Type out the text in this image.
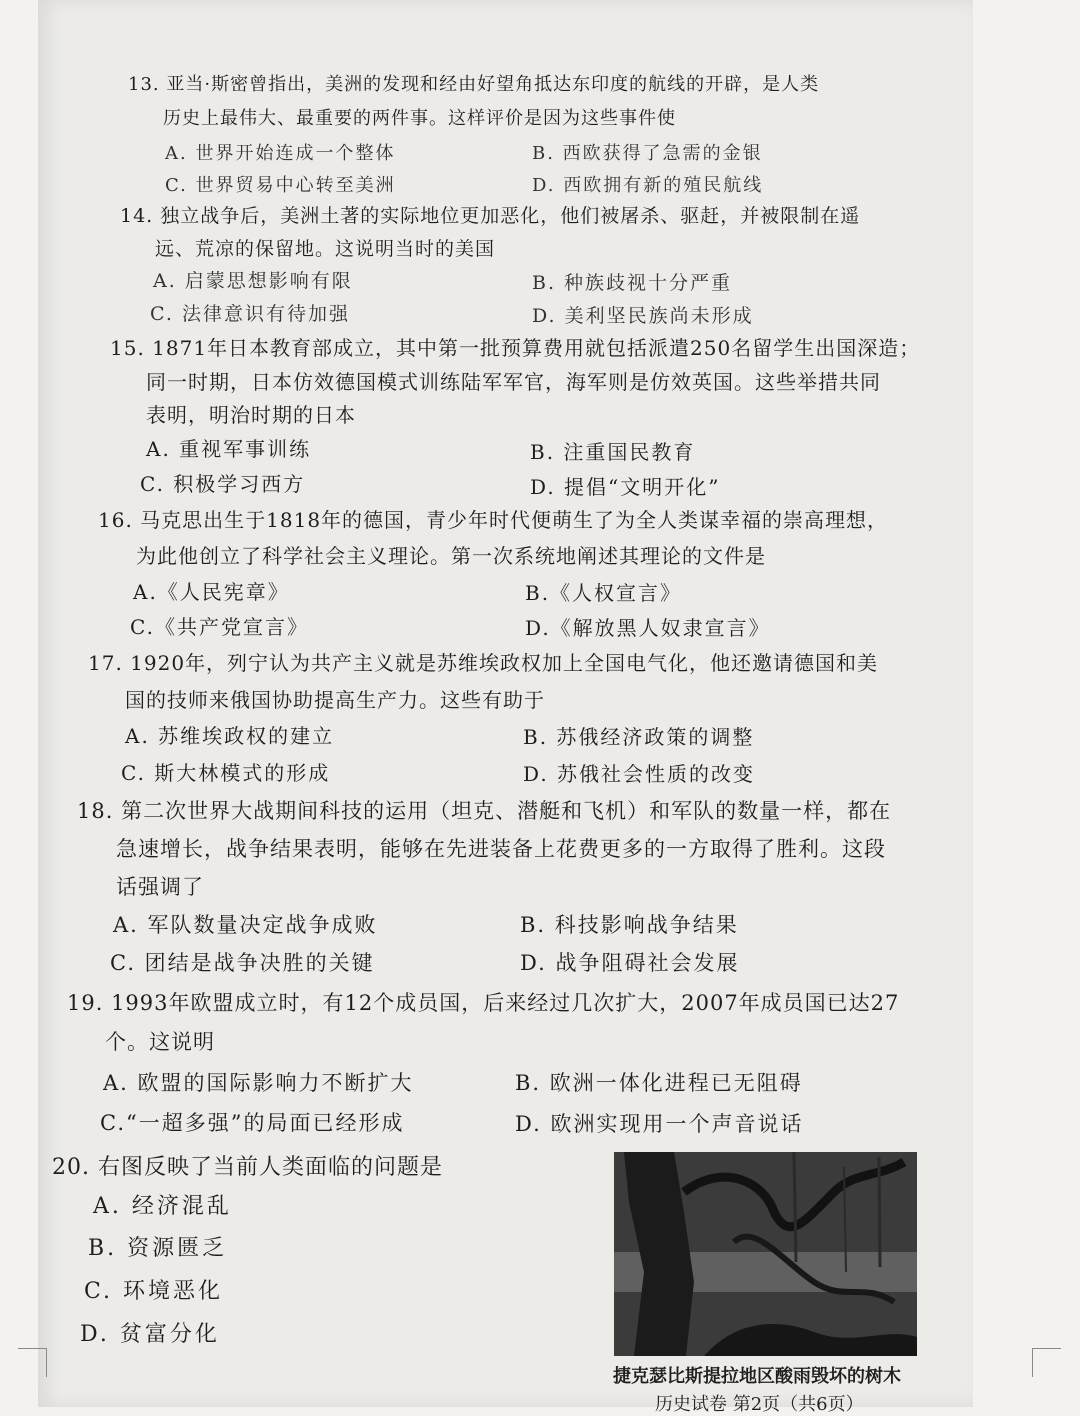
13. 亚当·斯密曾指出，美洲的发现和经由好望角抵达东印度的航线的开辟，是人类
历史上最伟大、最重要的两件事。这样评价是因为这些事件使
A. 世界开始连成一个整体	B. 西欧获得了急需的金银
C. 世界贸易中心转至美洲	D. 西欧拥有新的殖民航线
14. 独立战争后，美洲土著的实际地位更加恶化，他们被屠杀、驱赶，并被限制在遥
远、荒凉的保留地。这说明当时的美国
A. 启蒙思想影响有限	B. 种族歧视十分严重
C. 法律意识有待加强	D. 美利坚民族尚未形成
15. 1871年日本教育部成立，其中第一批预算费用就包括派遣250名留学生出国深造；
同一时期，日本仿效德国模式训练陆军军官，海军则是仿效英国。这些举措共同
表明，明治时期的日本
A. 重视军事训练	B. 注重国民教育
C. 积极学习西方	D. 提倡“文明开化”
16. 马克思出生于1818年的德国，青少年时代便萌生了为全人类谋幸福的崇高理想，
为此他创立了科学社会主义理论。第一次系统地阐述其理论的文件是
A.《人民宪章》	B.《人权宣言》
C.《共产党宣言》	D.《解放黑人奴隶宣言》
17. 1920年，列宁认为共产主义就是苏维埃政权加上全国电气化，他还邀请德国和美
国的技师来俄国协助提高生产力。这些有助于
A. 苏维埃政权的建立	B. 苏俄经济政策的调整
C. 斯大林模式的形成	D. 苏俄社会性质的改变
18. 第二次世界大战期间科技的运用（坦克、潜艇和飞机）和军队的数量一样，都在
急速增长，战争结果表明，能够在先进装备上花费更多的一方取得了胜利。这段
话强调了
A. 军队数量决定战争成败	B. 科技影响战争结果
C. 团结是战争决胜的关键	D. 战争阻碍社会发展
19. 1993年欧盟成立时，有12个成员国，后来经过几次扩大，2007年成员国已达27
个。这说明
A. 欧盟的国际影响力不断扩大	B. 欧洲一体化进程已无阻碍
C.“一超多强”的局面已经形成	D. 欧洲实现用一个声音说话
20. 右图反映了当前人类面临的问题是
A. 经济混乱
B. 资源匮乏
C. 环境恶化
D. 贫富分化
捷克瑟比斯提拉地区酸雨毁坏的树木
历史试卷 第2页（共6页）
